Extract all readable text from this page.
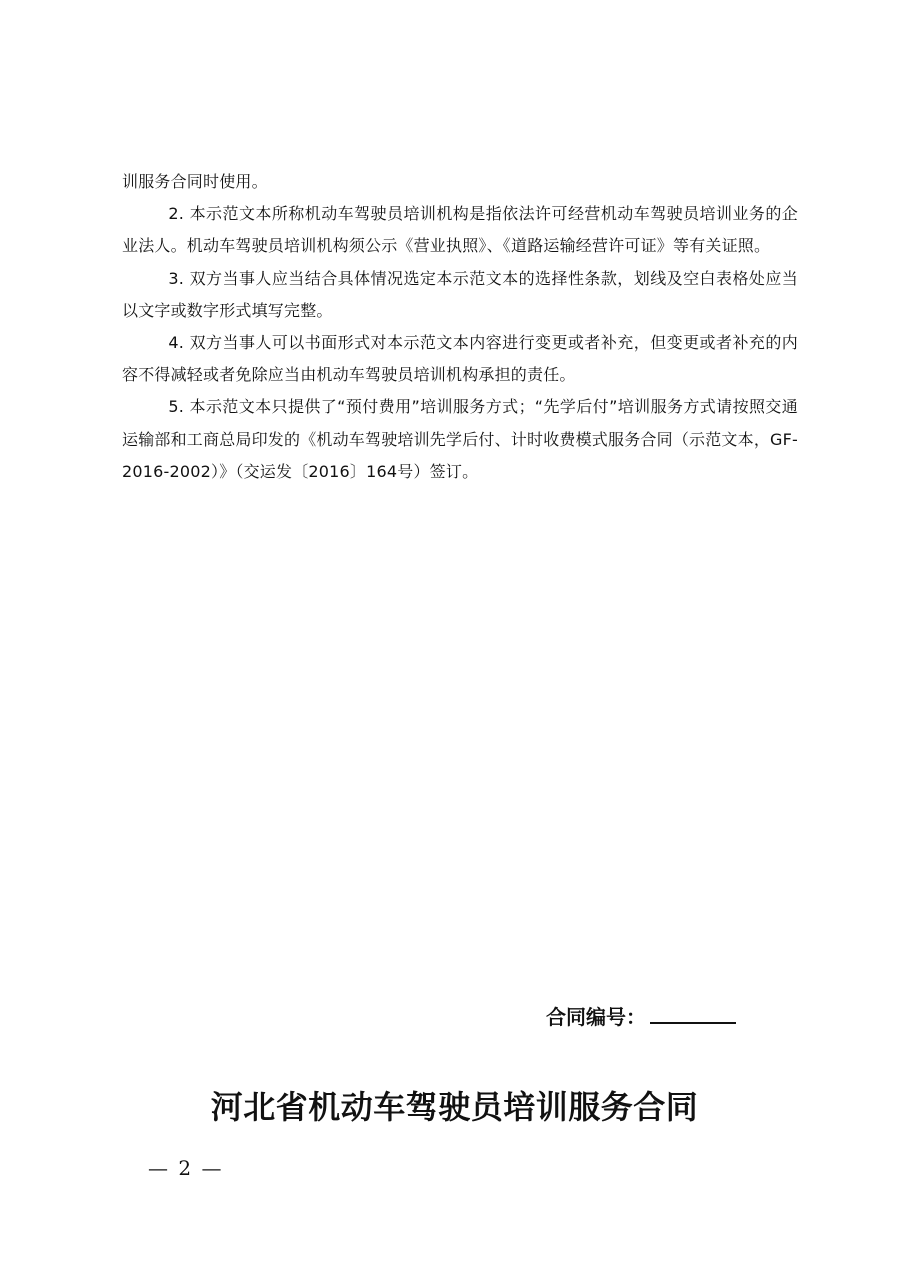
训服务合同时使用。

2. 本示范文本所称机动车驾驶员培训机构是指依法许可经营机动车驾驶员培训业务的企业法人。机动车驾驶员培训机构须公示《营业执照》、《道路运输经营许可证》等有关证照。

3. 双方当事人应当结合具体情况选定本示范文本的选择性条款，划线及空白表格处应当以文字或数字形式填写完整。

4. 双方当事人可以书面形式对本示范文本内容进行变更或者补充，但变更或者补充的内容不得减轻或者免除应当由机动车驾驶员培训机构承担的责任。

5. 本示范文本只提供了“预付费用”培训服务方式；“先学后付”培训服务方式请按照交通运输部和工商总局印发的《机动车驾驶培训先学后付、计时收费模式服务合同（示范文本，GF-2016-2002）》（交运发〔2016〕164号）签订。

合同编号：
河北省机动车驾驶员培训服务合同
— 2 —
